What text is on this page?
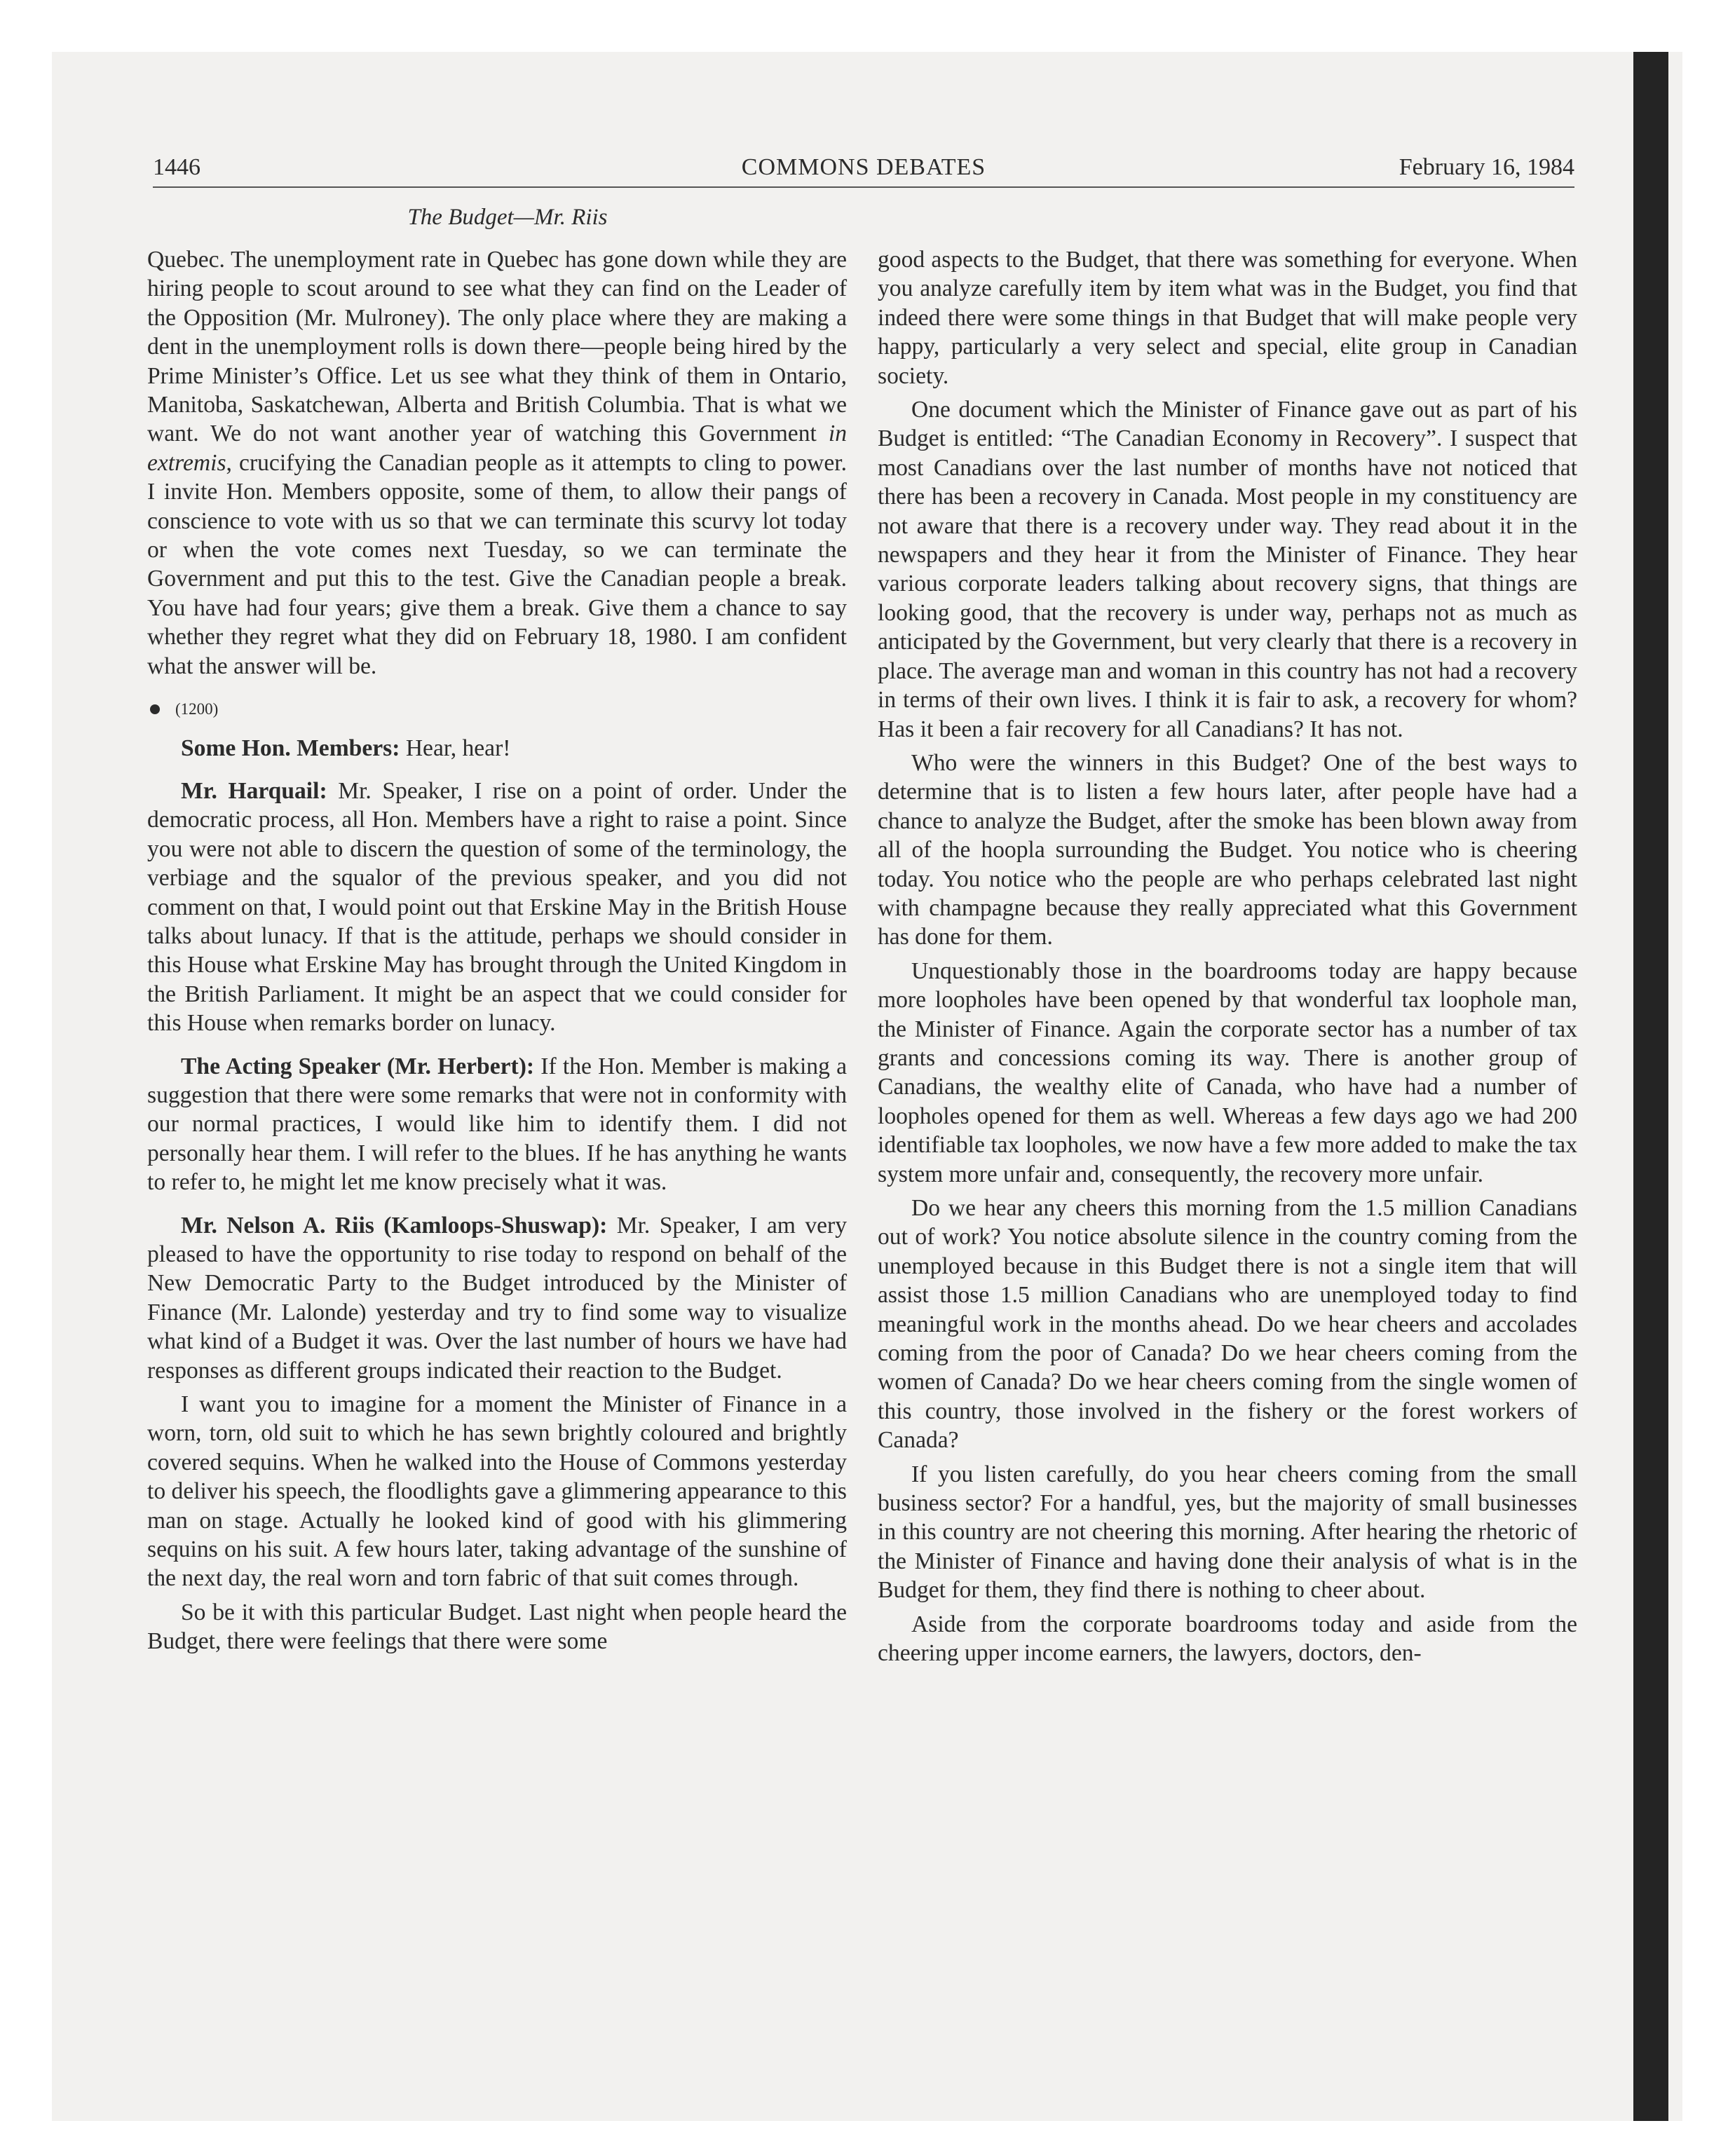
1446	COMMONS DEBATES	February 16, 1984
The Budget—Mr. Riis

Quebec. The unemployment rate in Quebec has gone down while they are hiring people to scout around to see what they can find on the Leader of the Opposition (Mr. Mulroney). The only place where they are making a dent in the unemployment rolls is down there—people being hired by the Prime Minister’s Office. Let us see what they think of them in Ontario, Manitoba, Saskatchewan, Alberta and British Columbia. That is what we want. We do not want another year of watching this Government in extremis, crucifying the Canadian people as it attempts to cling to power. I invite Hon. Members opposite, some of them, to allow their pangs of conscience to vote with us so that we can terminate this scurvy lot today or when the vote comes next Tuesday, so we can terminate the Government and put this to the test. Give the Canadian people a break. You have had four years; give them a break. Give them a chance to say whether they regret what they did on February 18, 1980. I am confident what the answer will be.

(1200)

Some Hon. Members: Hear, hear!

Mr. Harquail: Mr. Speaker, I rise on a point of order. Under the democratic process, all Hon. Members have a right to raise a point. Since you were not able to discern the question of some of the terminology, the verbiage and the squalor of the previous speaker, and you did not comment on that, I would point out that Erskine May in the British House talks about lunacy. If that is the attitude, perhaps we should consider in this House what Erskine May has brought through the United Kingdom in the British Parliament. It might be an aspect that we could consider for this House when remarks border on lunacy.

The Acting Speaker (Mr. Herbert): If the Hon. Member is making a suggestion that there were some remarks that were not in conformity with our normal practices, I would like him to identify them. I did not personally hear them. I will refer to the blues. If he has anything he wants to refer to, he might let me know precisely what it was.

Mr. Nelson A. Riis (Kamloops-Shuswap): Mr. Speaker, I am very pleased to have the opportunity to rise today to respond on behalf of the New Democratic Party to the Budget introduced by the Minister of Finance (Mr. Lalonde) yesterday and try to find some way to visualize what kind of a Budget it was. Over the last number of hours we have had responses as different groups indicated their reaction to the Budget.

I want you to imagine for a moment the Minister of Finance in a worn, torn, old suit to which he has sewn brightly coloured and brightly covered sequins. When he walked into the House of Commons yesterday to deliver his speech, the floodlights gave a glimmering appearance to this man on stage. Actually he looked kind of good with his glimmering sequins on his suit. A few hours later, taking advantage of the sunshine of the next day, the real worn and torn fabric of that suit comes through.

So be it with this particular Budget. Last night when people heard the Budget, there were feelings that there were some

good aspects to the Budget, that there was something for everyone. When you analyze carefully item by item what was in the Budget, you find that indeed there were some things in that Budget that will make people very happy, particularly a very select and special, elite group in Canadian society.

One document which the Minister of Finance gave out as part of his Budget is entitled: “The Canadian Economy in Recovery”. I suspect that most Canadians over the last number of months have not noticed that there has been a recovery in Canada. Most people in my constituency are not aware that there is a recovery under way. They read about it in the newspapers and they hear it from the Minister of Finance. They hear various corporate leaders talking about recovery signs, that things are looking good, that the recovery is under way, perhaps not as much as anticipated by the Government, but very clearly that there is a recovery in place. The average man and woman in this country has not had a recovery in terms of their own lives. I think it is fair to ask, a recovery for whom? Has it been a fair recovery for all Canadians? It has not.

Who were the winners in this Budget? One of the best ways to determine that is to listen a few hours later, after people have had a chance to analyze the Budget, after the smoke has been blown away from all of the hoopla surrounding the Budget. You notice who is cheering today. You notice who the people are who perhaps celebrated last night with champagne because they really appreciated what this Government has done for them.

Unquestionably those in the boardrooms today are happy because more loopholes have been opened by that wonderful tax loophole man, the Minister of Finance. Again the corporate sector has a number of tax grants and concessions coming its way. There is another group of Canadians, the wealthy elite of Canada, who have had a number of loopholes opened for them as well. Whereas a few days ago we had 200 identifiable tax loopholes, we now have a few more added to make the tax system more unfair and, consequently, the recovery more unfair.

Do we hear any cheers this morning from the 1.5 million Canadians out of work? You notice absolute silence in the country coming from the unemployed because in this Budget there is not a single item that will assist those 1.5 million Canadians who are unemployed today to find meaningful work in the months ahead. Do we hear cheers and accolades coming from the poor of Canada? Do we hear cheers coming from the women of Canada? Do we hear cheers coming from the single women of this country, those involved in the fishery or the forest workers of Canada?

If you listen carefully, do you hear cheers coming from the small business sector? For a handful, yes, but the majority of small businesses in this country are not cheering this morning. After hearing the rhetoric of the Minister of Finance and having done their analysis of what is in the Budget for them, they find there is nothing to cheer about.

Aside from the corporate boardrooms today and aside from the cheering upper income earners, the lawyers, doctors, den-
